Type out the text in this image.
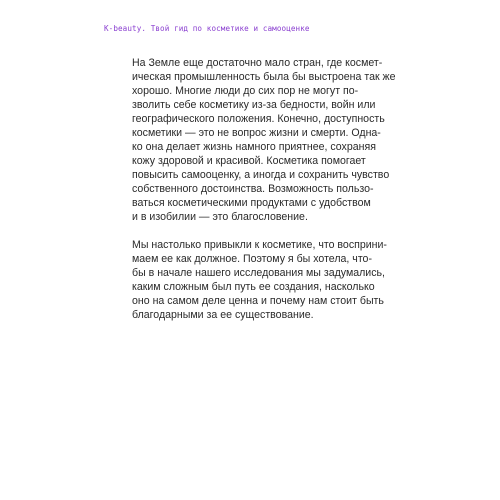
K-beauty. Твой гид по косметике и самооценке

На Земле еще достаточно мало стран, где космет-
ическая промышленность была бы выстроена так же
хорошо. Многие люди до сих пор не могут по-
зволить себе косметику из-за бедности, войн или
географического положения. Конечно, доступность
косметики — это не вопрос жизни и смерти. Одна-
ко она делает жизнь намного приятнее, сохраняя
кожу здоровой и красивой. Косметика помогает
повысить самооценку, а иногда и сохранить чувство
собственного достоинства. Возможность пользо-
ваться косметическими продуктами с удобством
и в изобилии — это благословение.

Мы настолько привыкли к косметике, что восприни-
маем ее как должное. Поэтому я бы хотела, что-
бы в начале нашего исследования мы задумались,
каким сложным был путь ее создания, насколько
оно на самом деле ценна и почему нам стоит быть
благодарными за ее существование.
